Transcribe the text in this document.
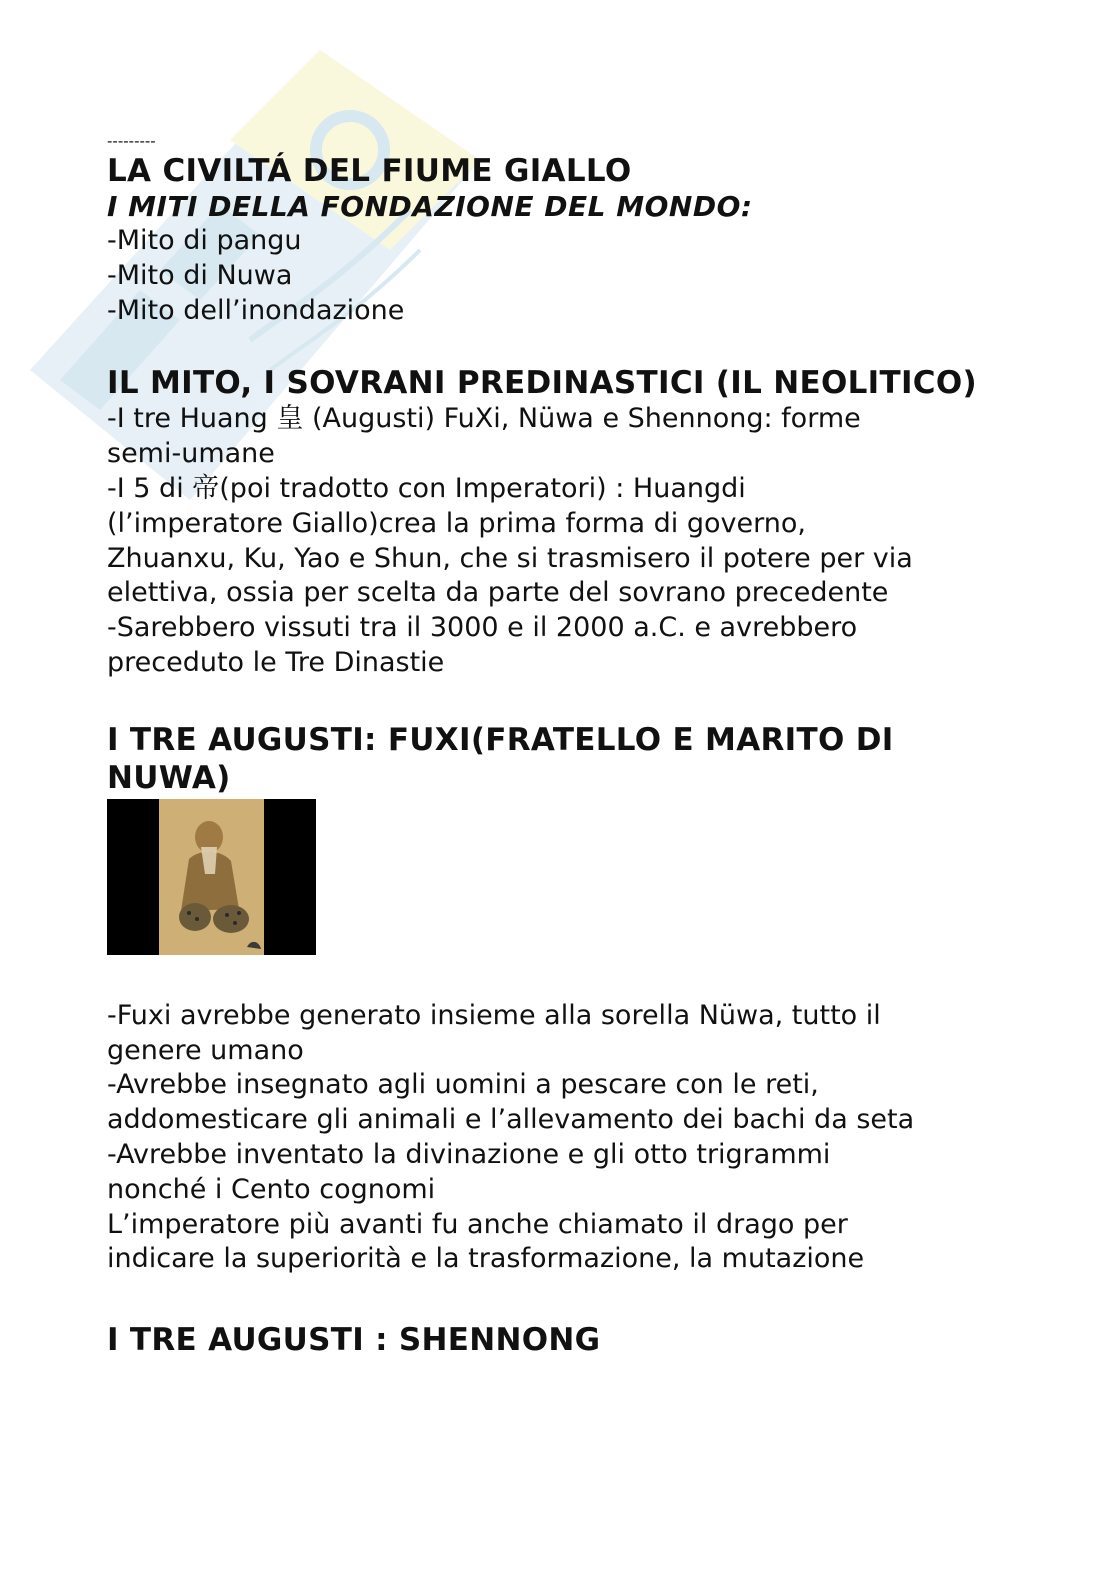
---------

LA CIVILTÁ DEL FIUME GIALLO

I MITI DELLA FONDAZIONE DEL MONDO:

-Mito di pangu

-Mito di Nuwa

-Mito dell’inondazione

IL MITO, I SOVRANI PREDINASTICI (IL NEOLITICO)

-I tre Huang 皇 (Augusti) FuXi, Nüwa e Shennong: forme

semi-umane

-I 5 di 帝(poi tradotto con Imperatori) : Huangdi

(l’imperatore Giallo)crea la prima forma di governo,

Zhuanxu, Ku, Yao e Shun, che si trasmisero il potere per via

elettiva, ossia per scelta da parte del sovrano precedente

-Sarebbero vissuti tra il 3000 e il 2000 a.C. e avrebbero

preceduto le Tre Dinastie

I TRE AUGUSTI: FUXI(FRATELLO E MARITO DI NUWA)

-Fuxi avrebbe generato insieme alla sorella Nüwa, tutto il

genere umano

-Avrebbe insegnato agli uomini a pescare con le reti,

addomesticare gli animali e l’allevamento dei bachi da seta

-Avrebbe inventato la divinazione e gli otto trigrammi

nonché i Cento cognomi

L’imperatore più avanti fu anche chiamato il drago per

indicare la superiorità e la trasformazione, la mutazione

I TRE AUGUSTI : SHENNONG
